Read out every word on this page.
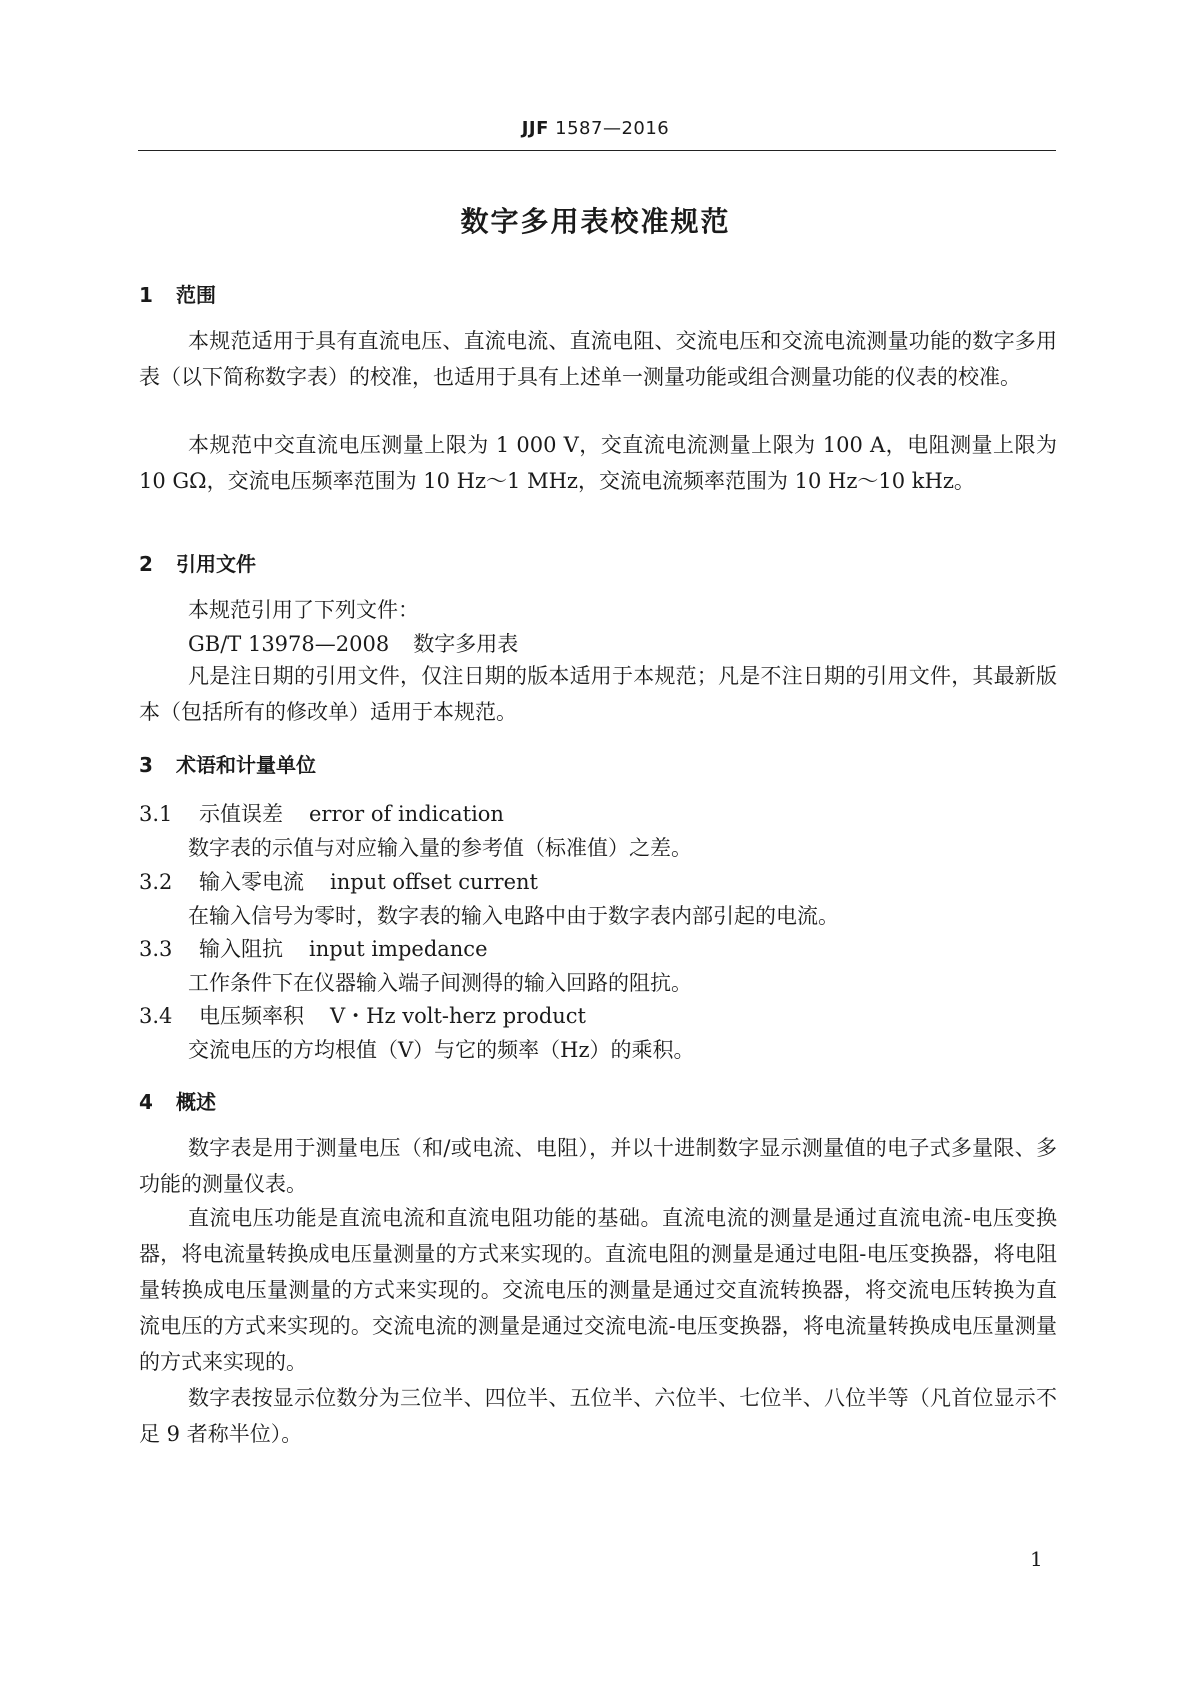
JJF 1587—2016
数字多用表校准规范
1 范围
本规范适用于具有直流电压、直流电流、直流电阻、交流电压和交流电流测量功能的数字多用表（以下简称数字表）的校准，也适用于具有上述单一测量功能或组合测量功能的仪表的校准。
本规范中交直流电压测量上限为 1 000 V，交直流电流测量上限为 100 A，电阻测量上限为 10 GΩ，交流电压频率范围为 10 Hz～1 MHz，交流电流频率范围为 10 Hz～10 kHz。
2 引用文件
本规范引用了下列文件：
GB/T 13978—2008 数字多用表
凡是注日期的引用文件，仅注日期的版本适用于本规范；凡是不注日期的引用文件，其最新版本（包括所有的修改单）适用于本规范。
3 术语和计量单位
3.1 示值误差 error of indication
数字表的示值与对应输入量的参考值（标准值）之差。
3.2 输入零电流 input offset current
在输入信号为零时，数字表的输入电路中由于数字表内部引起的电流。
3.3 输入阻抗 input impedance
工作条件下在仪器输入端子间测得的输入回路的阻抗。
3.4 电压频率积 V・Hz volt-herz product
交流电压的方均根值（V）与它的频率（Hz）的乘积。
4 概述
数字表是用于测量电压（和/或电流、电阻），并以十进制数字显示测量值的电子式多量限、多功能的测量仪表。
直流电压功能是直流电流和直流电阻功能的基础。直流电流的测量是通过直流电流-电压变换器，将电流量转换成电压量测量的方式来实现的。直流电阻的测量是通过电阻-电压变换器，将电阻量转换成电压量测量的方式来实现的。交流电压的测量是通过交直流转换器，将交流电压转换为直流电压的方式来实现的。交流电流的测量是通过交流电流-电压变换器，将电流量转换成电压量测量的方式来实现的。
数字表按显示位数分为三位半、四位半、五位半、六位半、七位半、八位半等（凡首位显示不足 9 者称半位）。
1
